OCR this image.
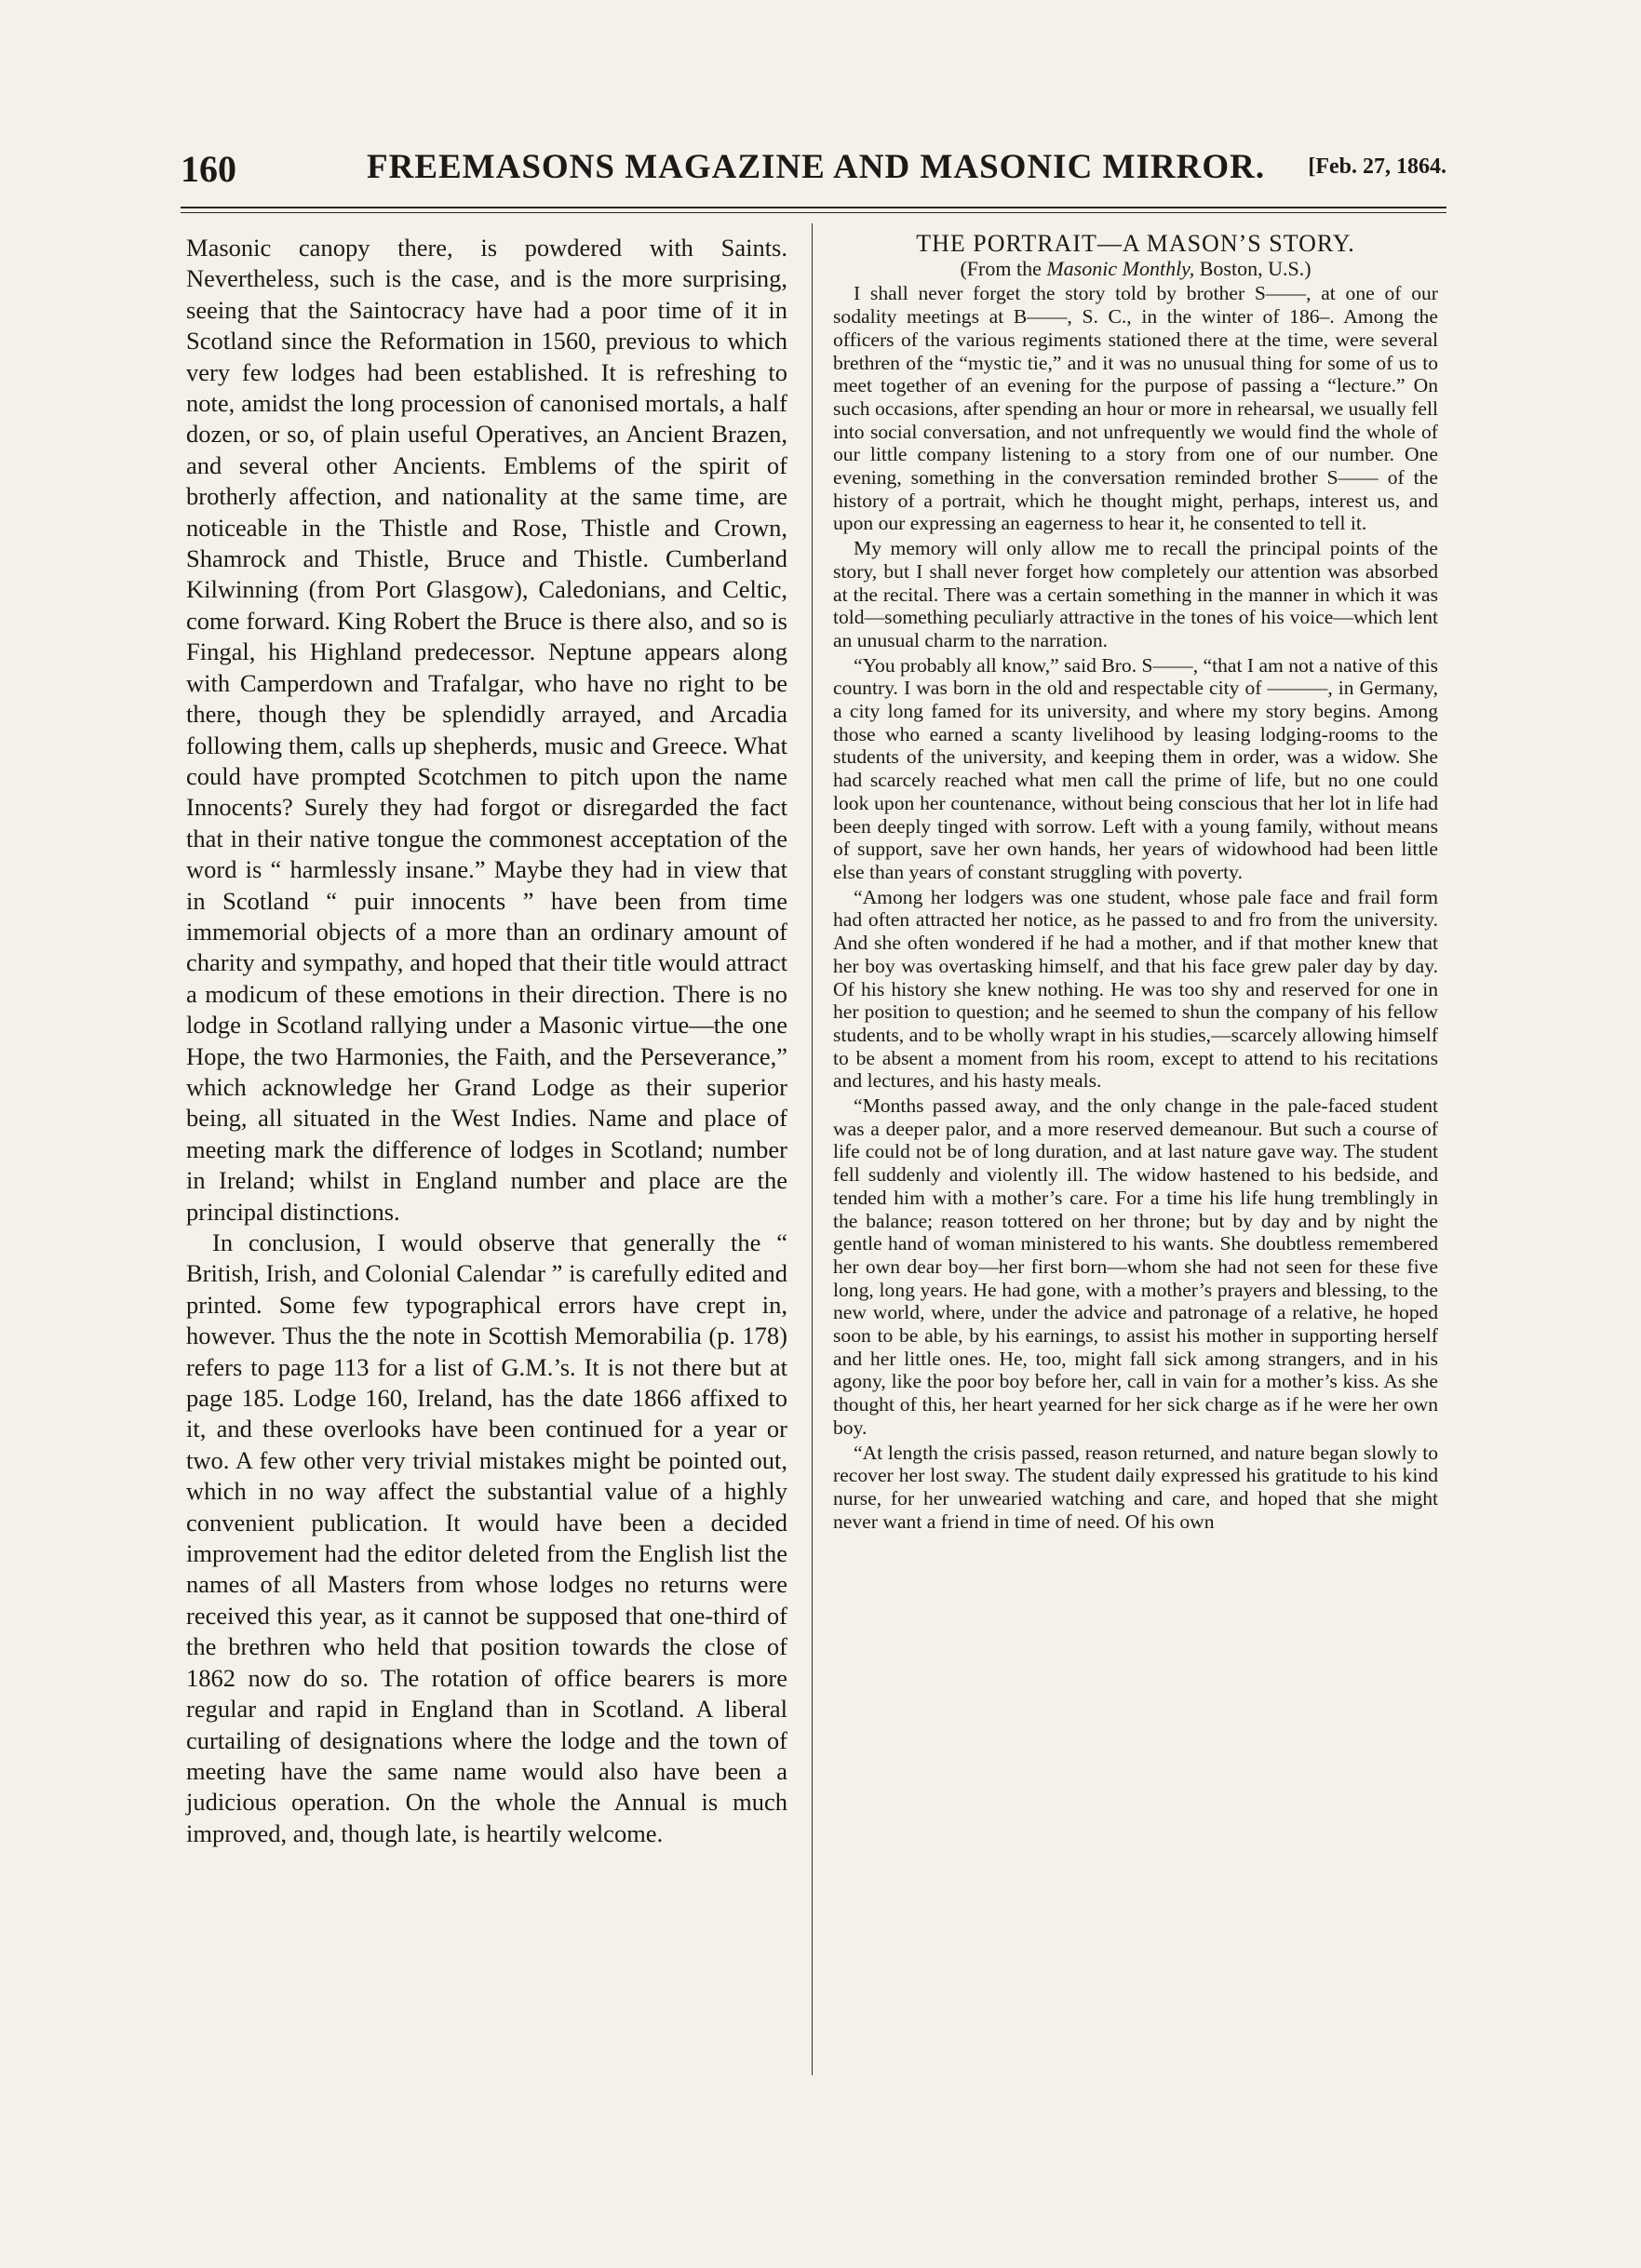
160	FREEMASONS MAGAZINE AND MASONIC MIRROR. [Feb. 27, 1864.

Masonic canopy there, is powdered with Saints. Nevertheless, such is the case, and is the more surprising, seeing that the Saintocracy have had a poor time of it in Scotland since the Reformation in 1560, previous to which very few lodges had been established. It is refreshing to note, amidst the long procession of canonised mortals, a half dozen, or so, of plain useful Operatives, an Ancient Brazen, and several other Ancients. Emblems of the spirit of brotherly affection, and nationality at the same time, are noticeable in the Thistle and Rose, Thistle and Crown, Shamrock and Thistle, Bruce and Thistle. Cumberland Kilwinning (from Port Glasgow), Caledonians, and Celtic, come forward. King Robert the Bruce is there also, and so is Fingal, his Highland predecessor. Neptune appears along with Camperdown and Trafalgar, who have no right to be there, though they be splendidly arrayed, and Arcadia following them, calls up shepherds, music and Greece. What could have prompted Scotchmen to pitch upon the name Innocents? Surely they had forgot or disregarded the fact that in their native tongue the commonest acceptation of the word is “ harmlessly insane.” Maybe they had in view that in Scotland “ puir innocents ” have been from time immemorial objects of a more than an ordinary amount of charity and sympathy, and hoped that their title would attract a modicum of these emotions in their direction. There is no lodge in Scotland rallying under a Masonic virtue—the one Hope, the two Harmonies, the Faith, and the Perseverance,” which acknowledge her Grand Lodge as their superior being, all situated in the West Indies. Name and place of meeting mark the difference of lodges in Scotland; number in Ireland; whilst in England number and place are the principal distinctions.

In conclusion, I would observe that generally the “ British, Irish, and Colonial Calendar ” is carefully edited and printed. Some few typographical errors have crept in, however. Thus the the note in Scottish Memorabilia (p. 178) refers to page 113 for a list of G.M.’s. It is not there but at page 185. Lodge 160, Ireland, has the date 1866 affixed to it, and these overlooks have been continued for a year or two. A few other very trivial mistakes might be pointed out, which in no way affect the substantial value of a highly convenient publication. It would have been a decided improvement had the editor deleted from the English list the names of all Masters from whose lodges no returns were received this year, as it cannot be supposed that one-third of the brethren who held that position towards the close of 1862 now do so. The rotation of office bearers is more regular and rapid in England than in Scotland. A liberal curtailing of designations where the lodge and the town of meeting have the same name would also have been a judicious operation. On the whole the Annual is much improved, and, though late, is heartily welcome.

THE PORTRAIT—A MASON’S STORY.

(From the Masonic Monthly, Boston, U.S.)

I shall never forget the story told by brother S——, at one of our sodality meetings at B——, S. C., in the winter of 186–. Among the officers of the various regiments stationed there at the time, were several brethren of the “mystic tie,” and it was no unusual thing for some of us to meet together of an evening for the purpose of passing a “lecture.” On such occasions, after spending an hour or more in rehearsal, we usually fell into social conversation, and not unfrequently we would find the whole of our little company listening to a story from one of our number. One evening, something in the conversation reminded brother S—— of the history of a portrait, which he thought might, perhaps, interest us, and upon our expressing an eagerness to hear it, he consented to tell it.

My memory will only allow me to recall the principal points of the story, but I shall never forget how completely our attention was absorbed at the recital. There was a certain something in the manner in which it was told—something peculiarly attractive in the tones of his voice—which lent an unusual charm to the narration.

“You probably all know,” said Bro. S——, “that I am not a native of this country. I was born in the old and respectable city of ———, in Germany, a city long famed for its university, and where my story begins. Among those who earned a scanty livelihood by leasing lodging-rooms to the students of the university, and keeping them in order, was a widow. She had scarcely reached what men call the prime of life, but no one could look upon her countenance, without being conscious that her lot in life had been deeply tinged with sorrow. Left with a young family, without means of support, save her own hands, her years of widowhood had been little else than years of constant struggling with poverty.

“Among her lodgers was one student, whose pale face and frail form had often attracted her notice, as he passed to and fro from the university. And she often wondered if he had a mother, and if that mother knew that her boy was overtasking himself, and that his face grew paler day by day. Of his history she knew nothing. He was too shy and reserved for one in her position to question; and he seemed to shun the company of his fellow students, and to be wholly wrapt in his studies,—scarcely allowing himself to be absent a moment from his room, except to attend to his recitations and lectures, and his hasty meals.

“Months passed away, and the only change in the pale-faced student was a deeper palor, and a more reserved demeanour. But such a course of life could not be of long duration, and at last nature gave way. The student fell suddenly and violently ill. The widow hastened to his bedside, and tended him with a mother’s care. For a time his life hung tremblingly in the balance; reason tottered on her throne; but by day and by night the gentle hand of woman ministered to his wants. She doubtless remembered her own dear boy—her first born—whom she had not seen for these five long, long years. He had gone, with a mother’s prayers and blessing, to the new world, where, under the advice and patronage of a relative, he hoped soon to be able, by his earnings, to assist his mother in supporting herself and her little ones. He, too, might fall sick among strangers, and in his agony, like the poor boy before her, call in vain for a mother’s kiss. As she thought of this, her heart yearned for her sick charge as if he were her own boy.

“At length the crisis passed, reason returned, and nature began slowly to recover her lost sway. The student daily expressed his gratitude to his kind nurse, for her unwearied watching and care, and hoped that she might never want a friend in time of need. Of his own
